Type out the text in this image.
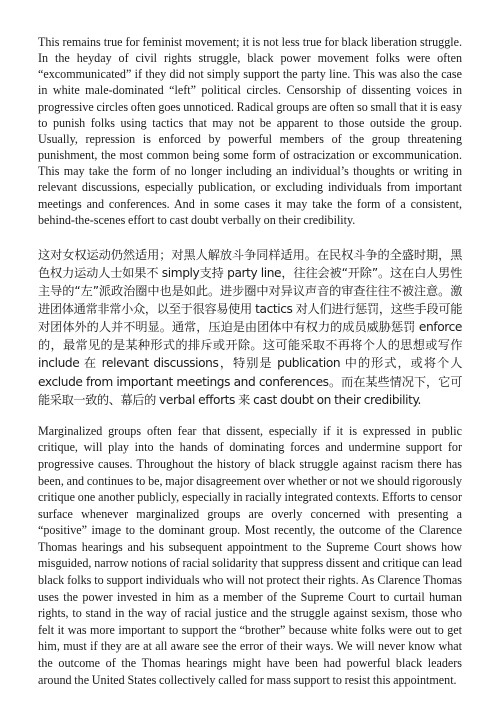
This remains true for feminist movement; it is not less true for black liberation struggle. In the heyday of civil rights struggle, black power movement folks were often “excommunicated” if they did not simply support the party line. This was also the case in white male-dominated “left” political circles. Censorship of dissenting voices in progressive circles often goes unnoticed. Radical groups are often so small that it is easy to punish folks using tactics that may not be apparent to those outside the group. Usually, repression is enforced by powerful members of the group threatening punishment, the most common being some form of ostracization or excommunication. This may take the form of no longer including an individual’s thoughts or writing in relevant discussions, especially publication, or excluding individuals from important meetings and conferences. And in some cases it may take the form of a consistent, behind-the-scenes effort to cast doubt verbally on their credibility.

这对女权运动仍然适用；对黑人解放斗争同样适用。在民权斗争的全盛时期，黑色权力运动人士如果不 simply支持 party line，往往会被“开除”。这在白人男性主导的“左”派政治圈中也是如此。进步圈中对异议声音的审查往往不被注意。激进团体通常非常小众，以至于很容易使用 tactics 对人们进行惩罚，这些手段可能对团体外的人并不明显。通常，压迫是由团体中有权力的成员威胁惩罚 enforce 的，最常见的是某种形式的排斥或开除。这可能采取不再将个人的思想或写作 include 在 relevant discussions，特别是 publication 中的形式，或将个人 exclude from important meetings and conferences。而在某些情况下，它可能采取一致的、幕后的 verbal efforts 来 cast doubt on their credibility.

Marginalized groups often fear that dissent, especially if it is expressed in public critique, will play into the hands of dominating forces and undermine support for progressive causes. Throughout the history of black struggle against racism there has been, and continues to be, major disagreement over whether or not we should rigorously critique one another publicly, especially in racially integrated contexts. Efforts to censor surface whenever marginalized groups are overly concerned with presenting a “positive” image to the dominant group. Most recently, the outcome of the Clarence Thomas hearings and his subsequent appointment to the Supreme Court shows how misguided, narrow notions of racial solidarity that suppress dissent and critique can lead black folks to support individuals who will not protect their rights. As Clarence Thomas uses the power invested in him as a member of the Supreme Court to curtail human rights, to stand in the way of racial justice and the struggle against sexism, those who felt it was more important to support the “brother” because white folks were out to get him, must if they are at all aware see the error of their ways. We will never know what the outcome of the Thomas hearings might have been had powerful black leaders around the United States collectively called for mass support to resist this appointment.
